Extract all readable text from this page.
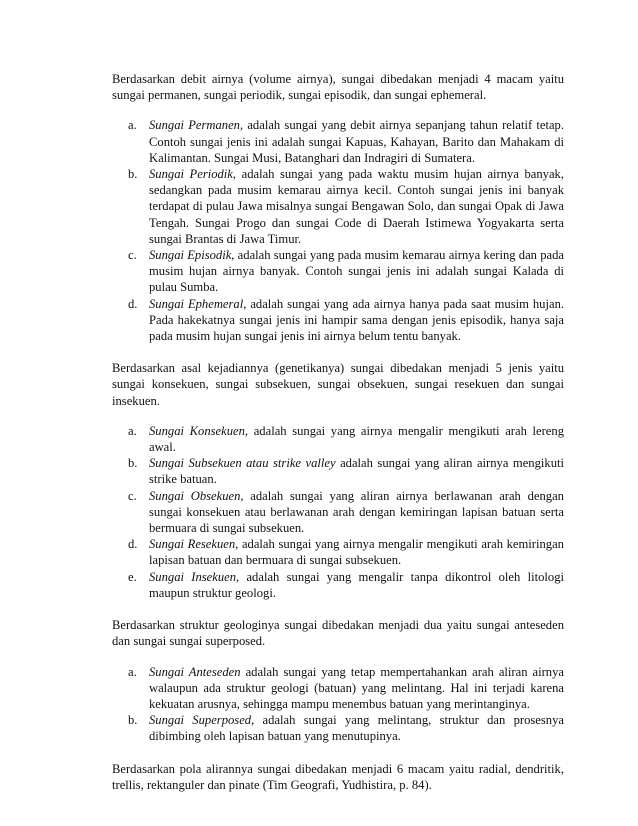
Berdasarkan debit airnya (volume airnya), sungai dibedakan menjadi 4 macam yaitu sungai permanen, sungai periodik, sungai episodik, dan sungai ephemeral.

a. Sungai Permanen, adalah sungai yang debit airnya sepanjang tahun relatif tetap. Contoh sungai jenis ini adalah sungai Kapuas, Kahayan, Barito dan Mahakam di Kalimantan. Sungai Musi, Batanghari dan Indragiri di Sumatera.
b. Sungai Periodik, adalah sungai yang pada waktu musim hujan airnya banyak, sedangkan pada musim kemarau airnya kecil. Contoh sungai jenis ini banyak terdapat di pulau Jawa misalnya sungai Bengawan Solo, dan sungai Opak di Jawa Tengah. Sungai Progo dan sungai Code di Daerah Istimewa Yogyakarta serta sungai Brantas di Jawa Timur.
c. Sungai Episodik, adalah sungai yang pada musim kemarau airnya kering dan pada musim hujan airnya banyak. Contoh sungai jenis ini adalah sungai Kalada di pulau Sumba.
d. Sungai Ephemeral, adalah sungai yang ada airnya hanya pada saat musim hujan. Pada hakekatnya sungai jenis ini hampir sama dengan jenis episodik, hanya saja pada musim hujan sungai jenis ini airnya belum tentu banyak.

Berdasarkan asal kejadiannya (genetikanya) sungai dibedakan menjadi 5 jenis yaitu sungai konsekuen, sungai subsekuen, sungai obsekuen, sungai resekuen dan sungai insekuen.

a. Sungai Konsekuen, adalah sungai yang airnya mengalir mengikuti arah lereng awal.
b. Sungai Subsekuen atau strike valley adalah sungai yang aliran airnya mengikuti strike batuan.
c. Sungai Obsekuen, adalah sungai yang aliran airnya berlawanan arah dengan sungai konsekuen atau berlawanan arah dengan kemiringan lapisan batuan serta bermuara di sungai subsekuen.
d. Sungai Resekuen, adalah sungai yang airnya mengalir mengikuti arah kemiringan lapisan batuan dan bermuara di sungai subsekuen.
e. Sungai Insekuen, adalah sungai yang mengalir tanpa dikontrol oleh litologi maupun struktur geologi.

Berdasarkan struktur geologinya sungai dibedakan menjadi dua yaitu sungai anteseden dan sungai sungai superposed.

a. Sungai Anteseden adalah sungai yang tetap mempertahankan arah aliran airnya walaupun ada struktur geologi (batuan) yang melintang. Hal ini terjadi karena kekuatan arusnya, sehingga mampu menembus batuan yang merintanginya.
b. Sungai Superposed, adalah sungai yang melintang, struktur dan prosesnya dibimbing oleh lapisan batuan yang menutupinya.

Berdasarkan pola alirannya sungai dibedakan menjadi 6 macam yaitu radial, dendritik, trellis, rektanguler dan pinate (Tim Geografi, Yudhistira, p. 84).
